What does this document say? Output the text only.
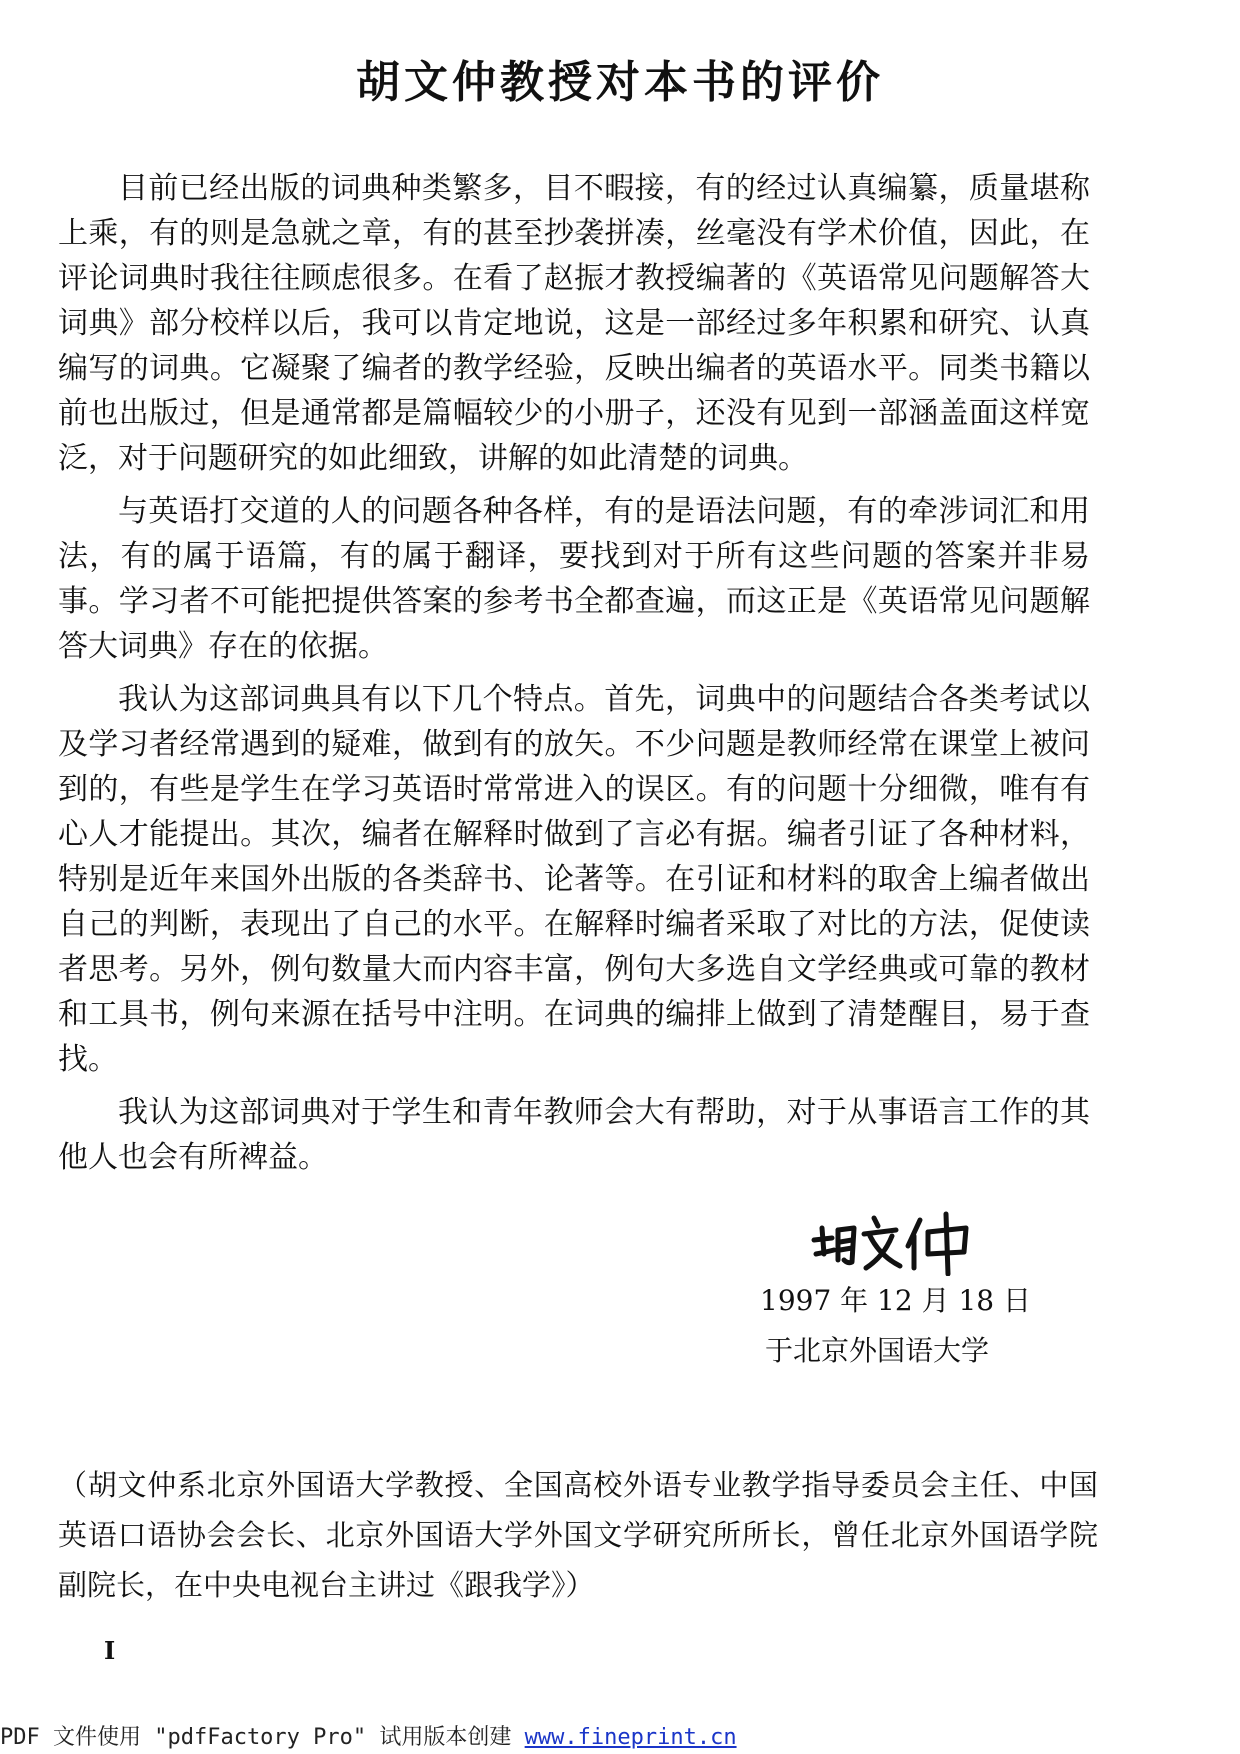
胡文仲教授对本书的评价

目前已经出版的词典种类繁多，目不暇接，有的经过认真编纂，质量堪称上乘，有的则是急就之章，有的甚至抄袭拼凑，丝毫没有学术价值，因此，在评论词典时我往往顾虑很多。在看了赵振才教授编著的《英语常见问题解答大词典》部分校样以后，我可以肯定地说，这是一部经过多年积累和研究、认真编写的词典。它凝聚了编者的教学经验，反映出编者的英语水平。同类书籍以前也出版过，但是通常都是篇幅较少的小册子，还没有见到一部涵盖面这样宽泛，对于问题研究的如此细致，讲解的如此清楚的词典。

与英语打交道的人的问题各种各样，有的是语法问题，有的牵涉词汇和用法，有的属于语篇，有的属于翻译，要找到对于所有这些问题的答案并非易事。学习者不可能把提供答案的参考书全都查遍，而这正是《英语常见问题解答大词典》存在的依据。

我认为这部词典具有以下几个特点。首先，词典中的问题结合各类考试以及学习者经常遇到的疑难，做到有的放矢。不少问题是教师经常在课堂上被问到的，有些是学生在学习英语时常常进入的误区。有的问题十分细微，唯有有心人才能提出。其次，编者在解释时做到了言必有据。编者引证了各种材料，特别是近年来国外出版的各类辞书、论著等。在引证和材料的取舍上编者做出自己的判断，表现出了自己的水平。在解释时编者采取了对比的方法，促使读者思考。另外，例句数量大而内容丰富，例句大多选自文学经典或可靠的教材和工具书，例句来源在括号中注明。在词典的编排上做到了清楚醒目，易于查找。

我认为这部词典对于学生和青年教师会大有帮助，对于从事语言工作的其他人也会有所裨益。

1997 年 12 月 18 日
于北京外国语大学

（胡文仲系北京外国语大学教授、全国高校外语专业教学指导委员会主任、中国英语口语协会会长、北京外国语大学外国文学研究所所长，曾任北京外国语学院副院长，在中央电视台主讲过《跟我学》）

I
PDF 文件使用 "pdfFactory Pro" 试用版本创建 www.fineprint.cn
